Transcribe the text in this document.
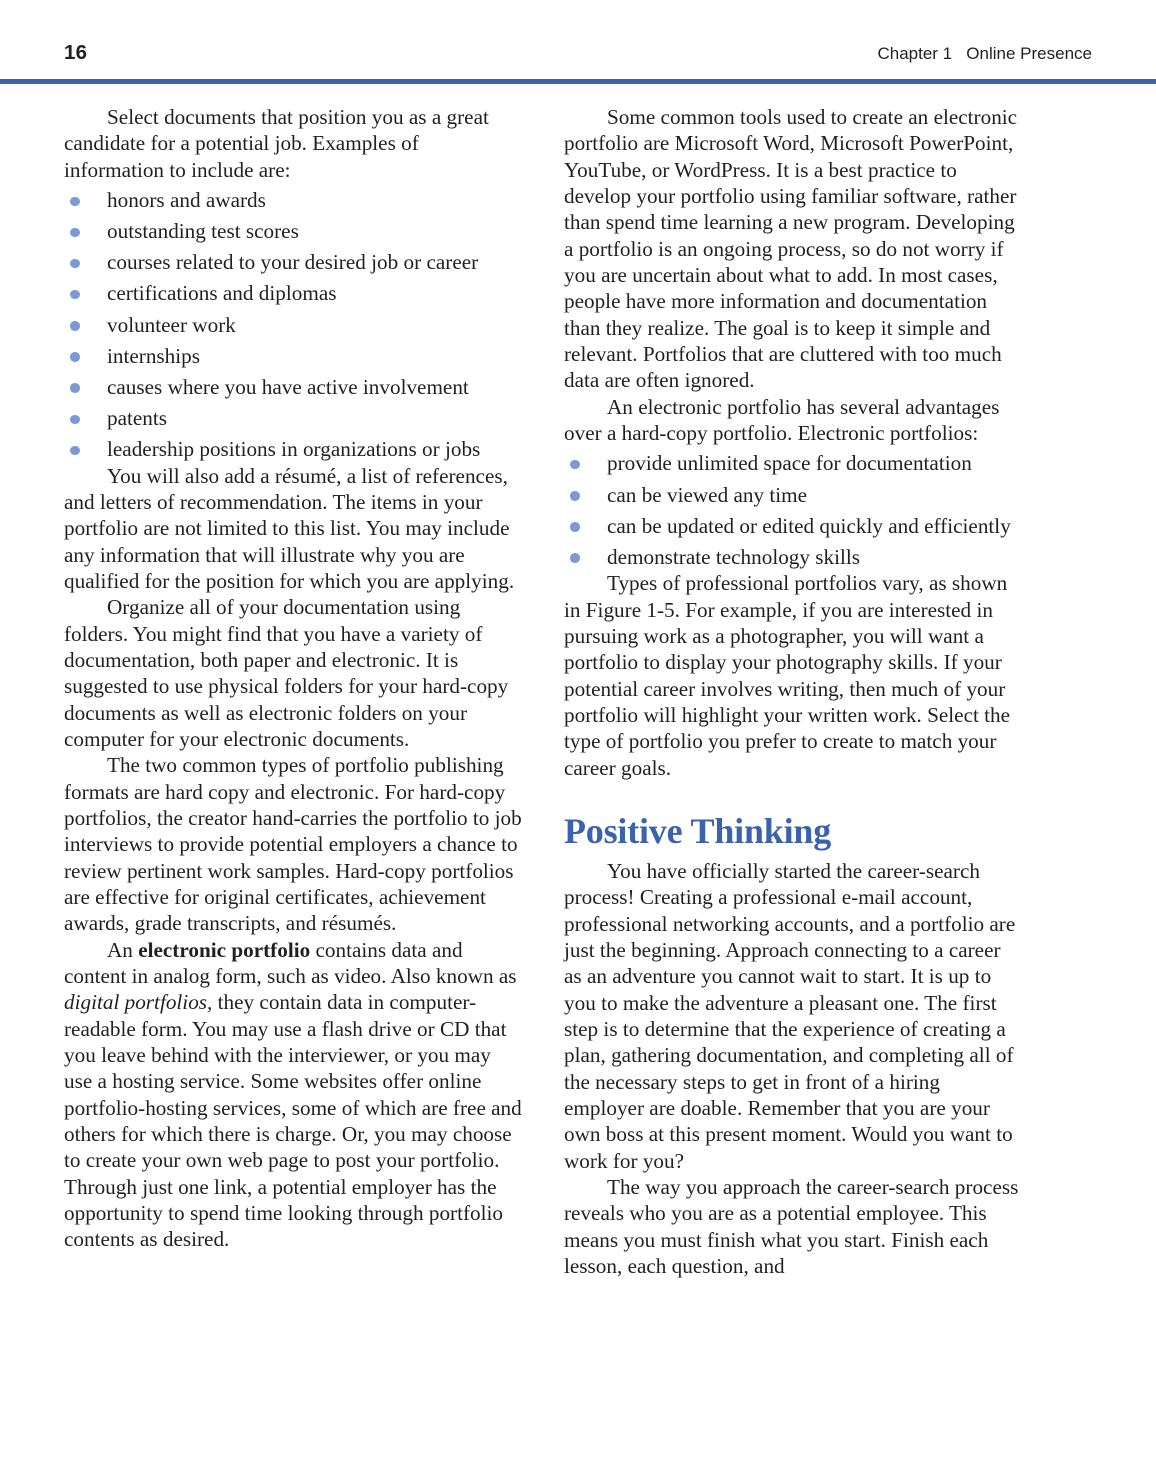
16	Chapter 1   Online Presence

Select documents that position you as a great candidate for a potential job. Examples of information to include are:

honors and awards
outstanding test scores
courses related to your desired job or career
certifications and diplomas
volunteer work
internships
causes where you have active involvement
patents
leadership positions in organizations or jobs

You will also add a résumé, a list of references, and letters of recommendation. The items in your portfolio are not limited to this list. You may include any information that will illustrate why you are qualified for the position for which you are applying.

Organize all of your documentation using folders. You might find that you have a variety of documentation, both paper and electronic. It is suggested to use physical folders for your hard-copy documents as well as electronic folders on your computer for your electronic documents.

The two common types of portfolio publishing formats are hard copy and electronic. For hard-copy portfolios, the creator hand-carries the portfolio to job interviews to provide potential employers a chance to review pertinent work samples. Hard-copy portfolios are effective for original certificates, achievement awards, grade transcripts, and résumés.

An electronic portfolio contains data and content in analog form, such as video. Also known as digital portfolios, they contain data in computer-readable form. You may use a flash drive or CD that you leave behind with the interviewer, or you may use a hosting service. Some websites offer online portfolio-hosting services, some of which are free and others for which there is charge. Or, you may choose to create your own web page to post your portfolio. Through just one link, a potential employer has the opportunity to spend time looking through portfolio contents as desired.

Some common tools used to create an electronic portfolio are Microsoft Word, Microsoft PowerPoint, YouTube, or WordPress. It is a best practice to develop your portfolio using familiar software, rather than spend time learning a new program. Developing a portfolio is an ongoing process, so do not worry if you are uncertain about what to add. In most cases, people have more information and documentation than they realize. The goal is to keep it simple and relevant. Portfolios that are cluttered with too much data are often ignored.

An electronic portfolio has several advantages over a hard-copy portfolio. Electronic portfolios:

provide unlimited space for documentation
can be viewed any time
can be updated or edited quickly and efficiently
demonstrate technology skills

Types of professional portfolios vary, as shown in Figure 1-5. For example, if you are interested in pursuing work as a photographer, you will want a portfolio to display your photography skills. If your potential career involves writing, then much of your portfolio will highlight your written work. Select the type of portfolio you prefer to create to match your career goals.

Positive Thinking

You have officially started the career-search process! Creating a professional e-mail account, professional networking accounts, and a portfolio are just the beginning. Approach connecting to a career as an adventure you cannot wait to start. It is up to you to make the adventure a pleasant one. The first step is to determine that the experience of creating a plan, gathering documentation, and completing all of the necessary steps to get in front of a hiring employer are doable. Remember that you are your own boss at this present moment. Would you want to work for you?

The way you approach the career-search process reveals who you are as a potential employee. This means you must finish what you start. Finish each lesson, each question, and
